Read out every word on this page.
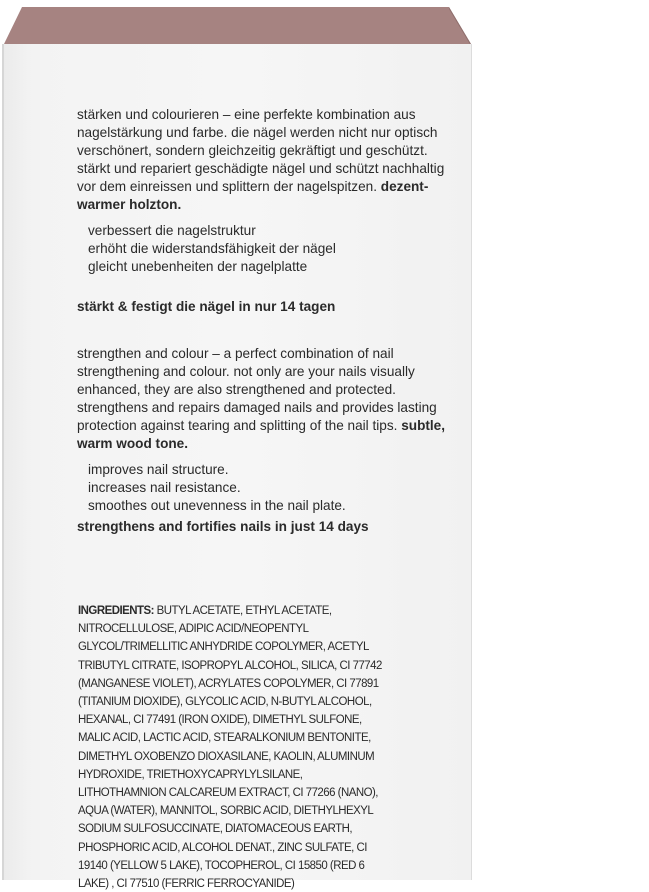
stärken und colourieren – eine perfekte kombination aus nagelstärkung und farbe. die nägel werden nicht nur optisch verschönert, sondern gleichzeitig gekräftigt und geschützt. stärkt und repariert geschädigte nägel und schützt nachhaltig vor dem einreissen und splittern der nagelspitzen. dezent-warmer holzton.
verbessert die nagelstruktur
erhöht die widerstandsfähigkeit der nägel
gleicht unebenheiten der nagelplatte
stärkt & festigt die nägel in nur 14 tagen
strengthen and colour – a perfect combination of nail strengthening and colour. not only are your nails visually enhanced, they are also strengthened and protected. strengthens and repairs damaged nails and provides lasting protection against tearing and splitting of the nail tips. subtle, warm wood tone.
improves nail structure.
increases nail resistance.
smoothes out unevenness in the nail plate.
strengthens and fortifies nails in just 14 days
INGREDIENTS: BUTYL ACETATE, ETHYL ACETATE, NITROCELLULOSE, ADIPIC ACID/NEOPENTYL GLYCOL/TRIMELLITIC ANHYDRIDE COPOLYMER, ACETYL TRIBUTYL CITRATE, ISOPROPYL ALCOHOL, SILICA, CI 77742 (MANGANESE VIOLET), ACRYLATES COPOLYMER, CI 77891 (TITANIUM DIOXIDE), GLYCOLIC ACID, N-BUTYL ALCOHOL, HEXANAL, CI 77491 (IRON OXIDE), DIMETHYL SULFONE, MALIC ACID, LACTIC ACID, STEARALKONIUM BENTONITE, DIMETHYL OXOBENZO DIOXASILANE, KAOLIN, ALUMINUM HYDROXIDE, TRIETHOXYCAPRYLYLSILANE, LITHOTHAMNION CALCAREUM EXTRACT, CI 77266 (NANO), AQUA (WATER), MANNITOL, SORBIC ACID, DIETHYLHEXYL SODIUM SULFOSUCCINATE, DIATOMACEOUS EARTH, PHOSPHORIC ACID, ALCOHOL DENAT., ZINC SULFATE, CI 19140 (YELLOW 5 LAKE), TOCOPHEROL, CI 15850 (RED 6 LAKE) , CI 77510 (FERRIC FERROCYANIDE)
